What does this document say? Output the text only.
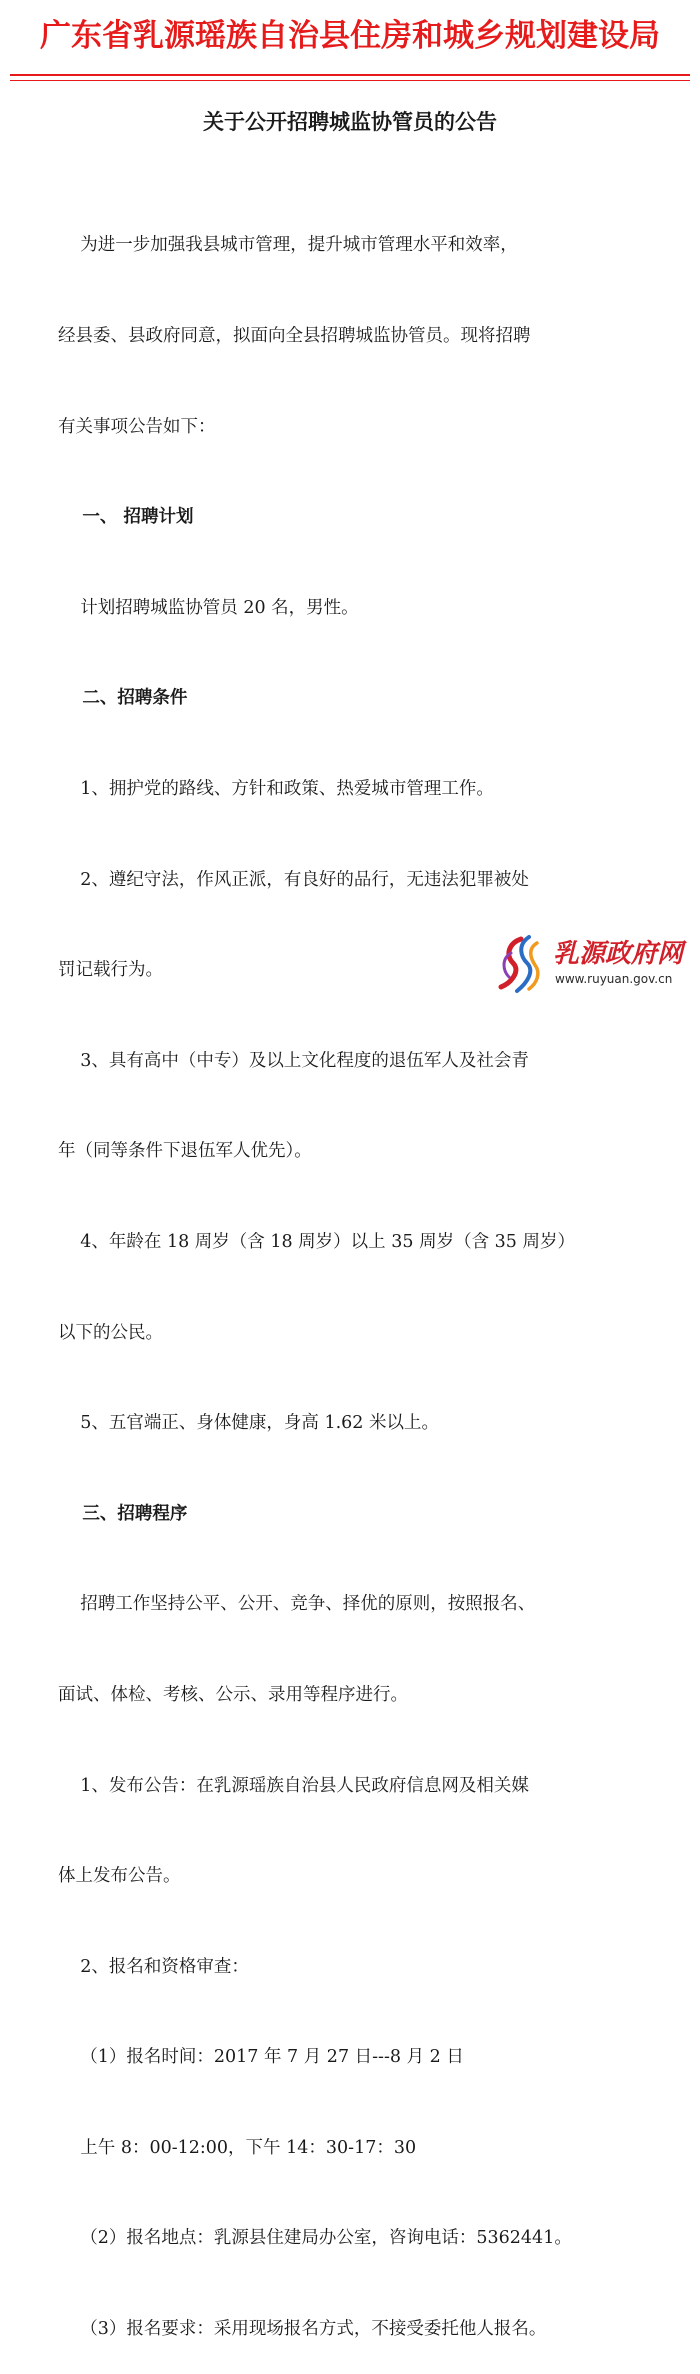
广东省乳源瑶族自治县住房和城乡规划建设局
关于公开招聘城监协管员的公告

为进一步加强我县城市管理，提升城市管理水平和效率，

经县委、县政府同意，拟面向全县招聘城监协管员。现将招聘

有关事项公告如下：

一、 招聘计划

计划招聘城监协管员 20 名，男性。

二、招聘条件

1、拥护党的路线、方针和政策、热爱城市管理工作。

2、遵纪守法，作风正派，有良好的品行，无违法犯罪被处

罚记载行为。

3、具有高中（中专）及以上文化程度的退伍军人及社会青

年（同等条件下退伍军人优先）。

4、年龄在 18 周岁（含 18 周岁）以上 35 周岁（含 35 周岁）

以下的公民。

5、五官端正、身体健康，身高 1.62 米以上。

三、招聘程序

招聘工作坚持公平、公开、竞争、择优的原则，按照报名、

面试、体检、考核、公示、录用等程序进行。

1、发布公告：在乳源瑶族自治县人民政府信息网及相关媒

体上发布公告。

2、报名和资格审查：

（1）报名时间：2017 年 7 月 27 日---8 月 2 日

上午 8：00-12:00，下午 14：30-17：30

（2）报名地点：乳源县住建局办公室，咨询电话：5362441。

（3）报名要求：采用现场报名方式，不接受委托他人报名。

乳源政府网
www.ruyuan.gov.cn
